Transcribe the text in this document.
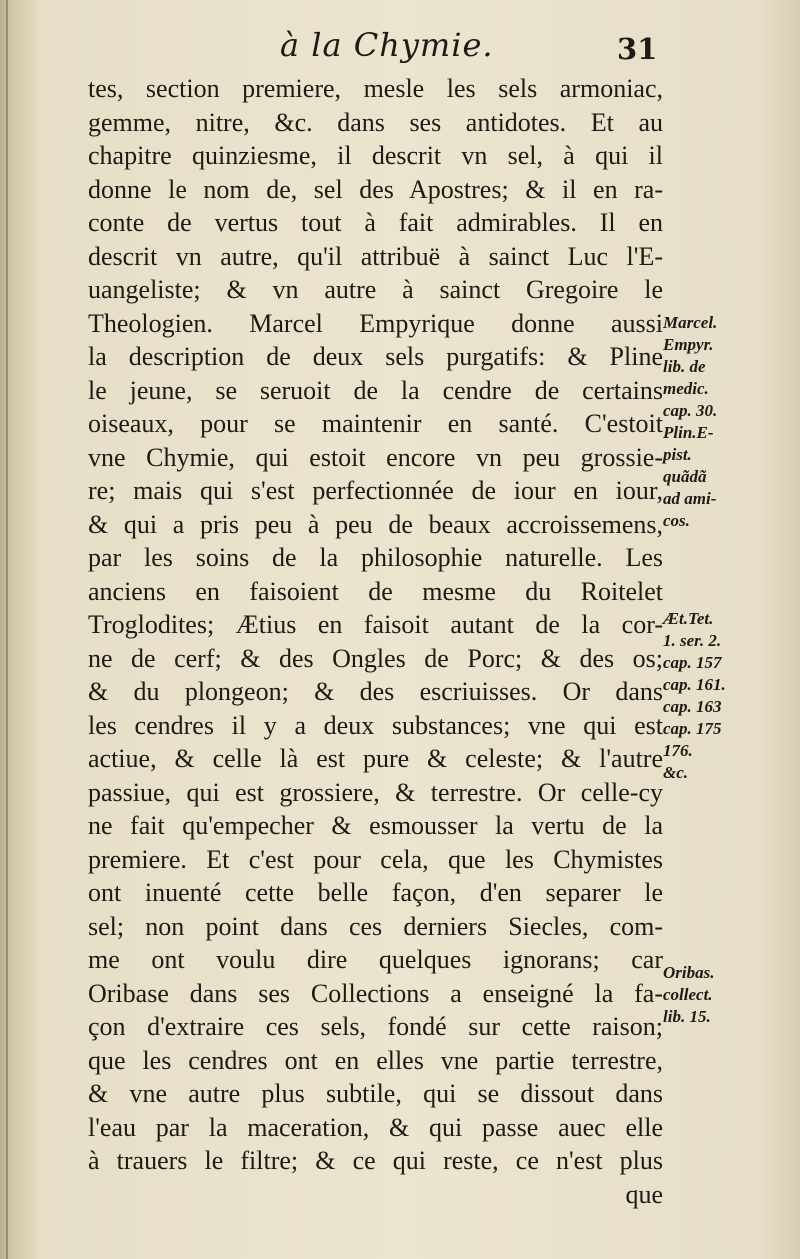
à la Chymie.	31
tes, section premiere, mesle les sels armoniac,
gemme, nitre, &c. dans ses antidotes. Et au
chapitre quinziesme, il descrit vn sel, à qui il
donne le nom de, sel des Apostres; & il en ra-
conte de vertus tout à fait admirables. Il en
descrit vn autre, qu'il attribuë à sainct Luc l'E-
uangeliste; & vn autre à sainct Gregoire le
Theologien. Marcel Empyrique donne aussi
la description de deux sels purgatifs: & Pline
le jeune, se seruoit de la cendre de certains
oiseaux, pour se maintenir en santé. C'estoit
vne Chymie, qui estoit encore vn peu grossie-
re; mais qui s'est perfectionnée de iour en iour,
& qui a pris peu à peu de beaux accroissemens,
par les soins de la philosophie naturelle. Les
anciens en faisoient de mesme du Roitelet
Troglodites; Ætius en faisoit autant de la cor-
ne de cerf; & des Ongles de Porc; & des os;
& du plongeon; & des escriuisses. Or dans
les cendres il y a deux substances; vne qui est
actiue, & celle là est pure & celeste; & l'autre
passiue, qui est grossiere, & terrestre. Or celle-cy
ne fait qu'empecher & esmousser la vertu de la
premiere. Et c'est pour cela, que les Chymistes
ont inuenté cette belle façon, d'en separer le
sel; non point dans ces derniers Siecles, com-
me ont voulu dire quelques ignorans; car
Oribase dans ses Collections a enseigné la fa-
çon d'extraire ces sels, fondé sur cette raison;
que les cendres ont en elles vne partie terrestre,
& vne autre plus subtile, qui se dissout dans
l'eau par la maceration, & qui passe auec elle
à trauers le filtre; & ce qui reste, ce n'est plus
que
Marcel.
Empyr.
lib. de
medic.
cap. 30.
Plin.E-
pist.
quãdã
ad ami-
cos.
Æt.Tet.
1. ser. 2.
cap. 157
cap. 161.
cap. 163
cap. 175
176.
&c.
Oribas.
collect.
lib. 15.
